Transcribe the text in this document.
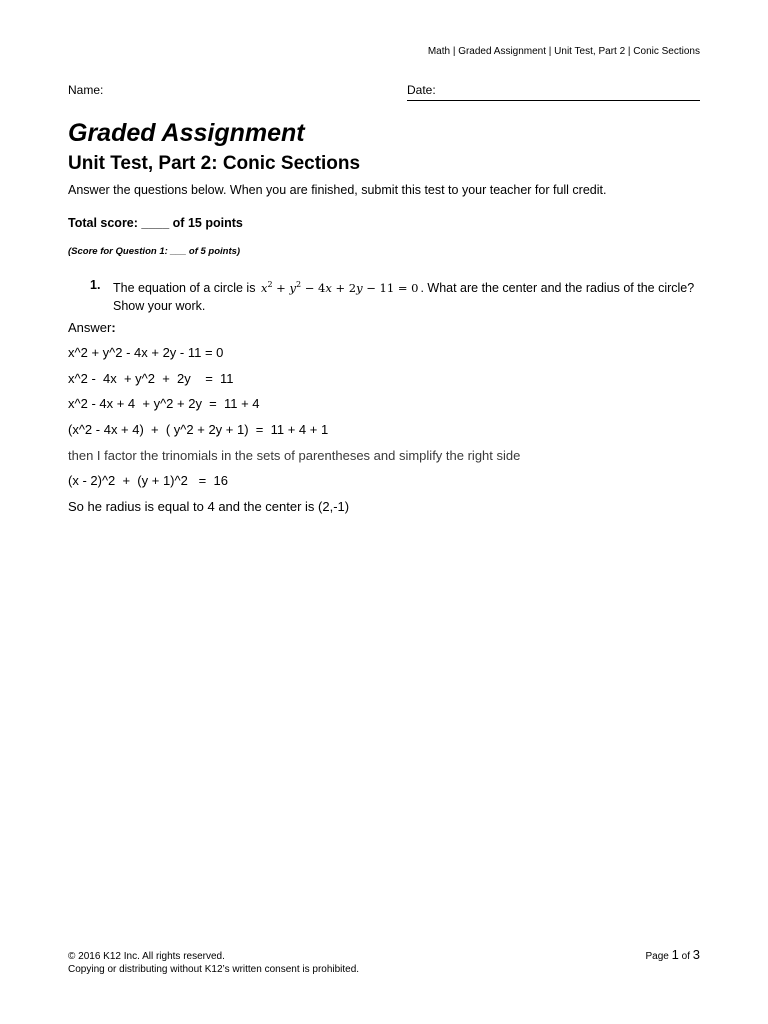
Math | Graded Assignment | Unit Test, Part 2 | Conic Sections
Name:	Date:
Graded Assignment
Unit Test, Part 2: Conic Sections
Answer the questions below. When you are finished, submit this test to your teacher for full credit.
Total score: ____ of 15 points
(Score for Question 1: ___ of 5 points)
1. The equation of a circle is $x^2 + y^2 - 4x + 2y - 11 = 0$ . What are the center and the radius of the circle? Show your work.
Answer:
x^2 + y^2 - 4x + 2y - 11 = 0
x^2 -  4x  + y^2  +  2y    =  11
x^2 - 4x + 4  + y^2 + 2y  =  11 + 4
(x^2 - 4x + 4)  +  ( y^2 + 2y + 1)  =  11 + 4 + 1
then I factor the trinomials in the sets of parentheses and simplify the right side
(x - 2)^2  +  (y + 1)^2   =  16
So he radius is equal to 4 and the center is (2,-1)
© 2016 K12 Inc. All rights reserved.
Copying or distributing without K12’s written consent is prohibited.
Page 1 of 3
